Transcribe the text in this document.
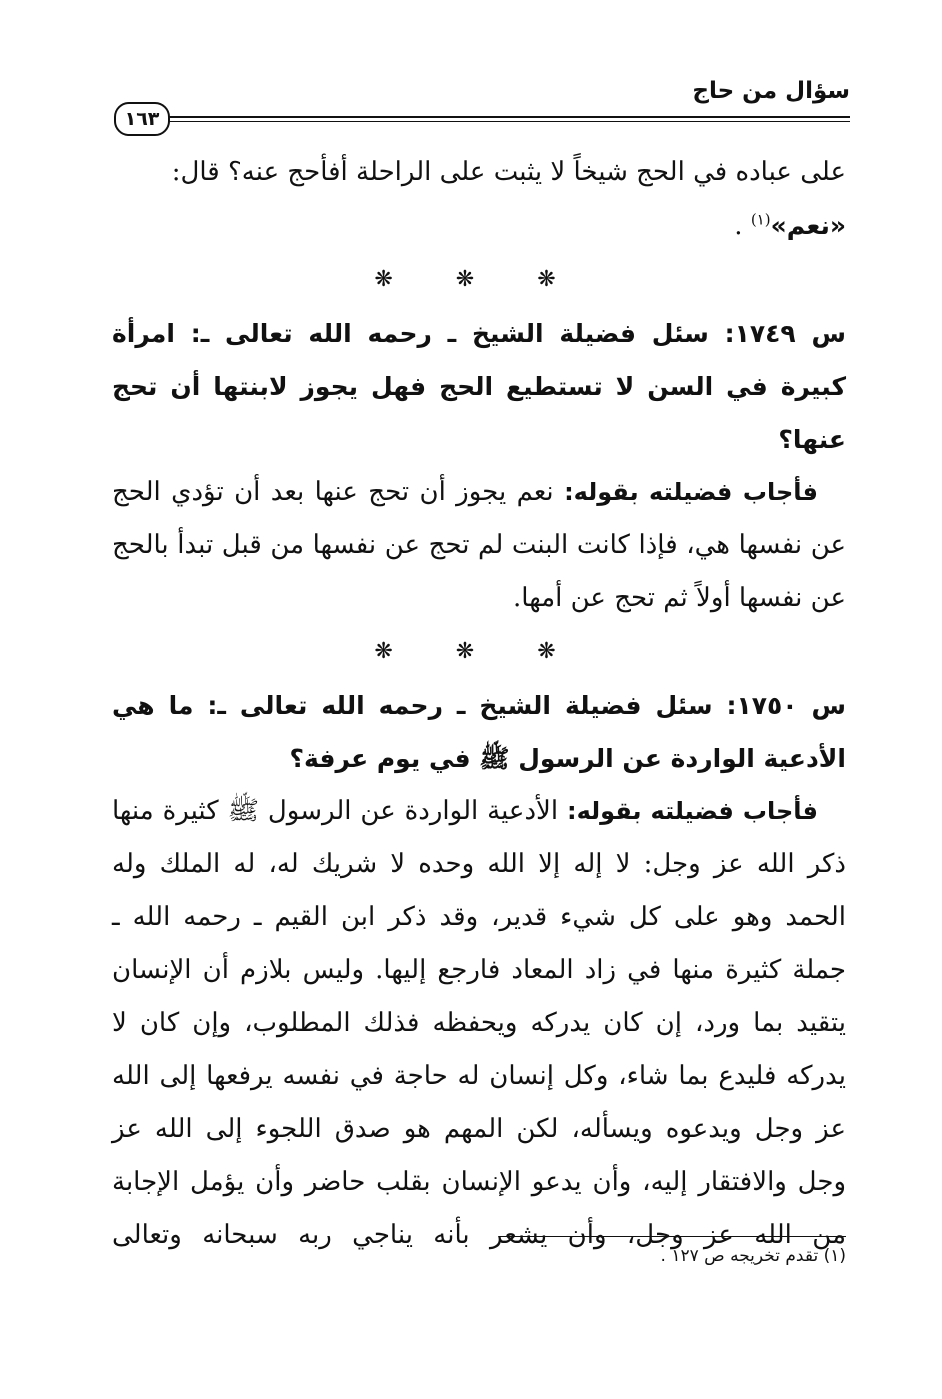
سؤال من حاج
١٦٣

على عباده في الحج شيخاً لا يثبت على الراحلة أفأحج عنه؟ قال:
«نعم»$^{(١)}$ .

❋ ❋ ❋

س ١٧٤٩: سئل فضيلة الشيخ ـ رحمه الله تعالى ـ: امرأة كبيرة في السن لا تستطيع الحج فهل يجوز لابنتها أن تحج عنها؟

فأجاب فضيلته بقوله: نعم يجوز أن تحج عنها بعد أن تؤدي الحج عن نفسها هي، فإذا كانت البنت لم تحج عن نفسها من قبل تبدأ بالحج عن نفسها أولاً ثم تحج عن أمها.

❋ ❋ ❋

س ١٧٥٠: سئل فضيلة الشيخ ـ رحمه الله تعالى ـ: ما هي الأدعية الواردة عن الرسول ﷺ في يوم عرفة؟

فأجاب فضيلته بقوله: الأدعية الواردة عن الرسول ﷺ كثيرة منها ذكر الله عز وجل: لا إله إلا الله وحده لا شريك له، له الملك وله الحمد وهو على كل شيء قدير، وقد ذكر ابن القيم ـ رحمه الله ـ جملة كثيرة منها في زاد المعاد فارجع إليها. وليس بلازم أن الإنسان يتقيد بما ورد، إن كان يدركه ويحفظه فذلك المطلوب، وإن كان لا يدركه فليدع بما شاء، وكل إنسان له حاجة في نفسه يرفعها إلى الله عز وجل ويدعوه ويسأله، لكن المهم هو صدق اللجوء إلى الله عز وجل والافتقار إليه، وأن يدعو الإنسان بقلب حاضر وأن يؤمل الإجابة من الله عز وجل، وأن يشعر بأنه يناجي ربه سبحانه وتعالى

(١) تقدم تخريجه ص ١٢٧ .
